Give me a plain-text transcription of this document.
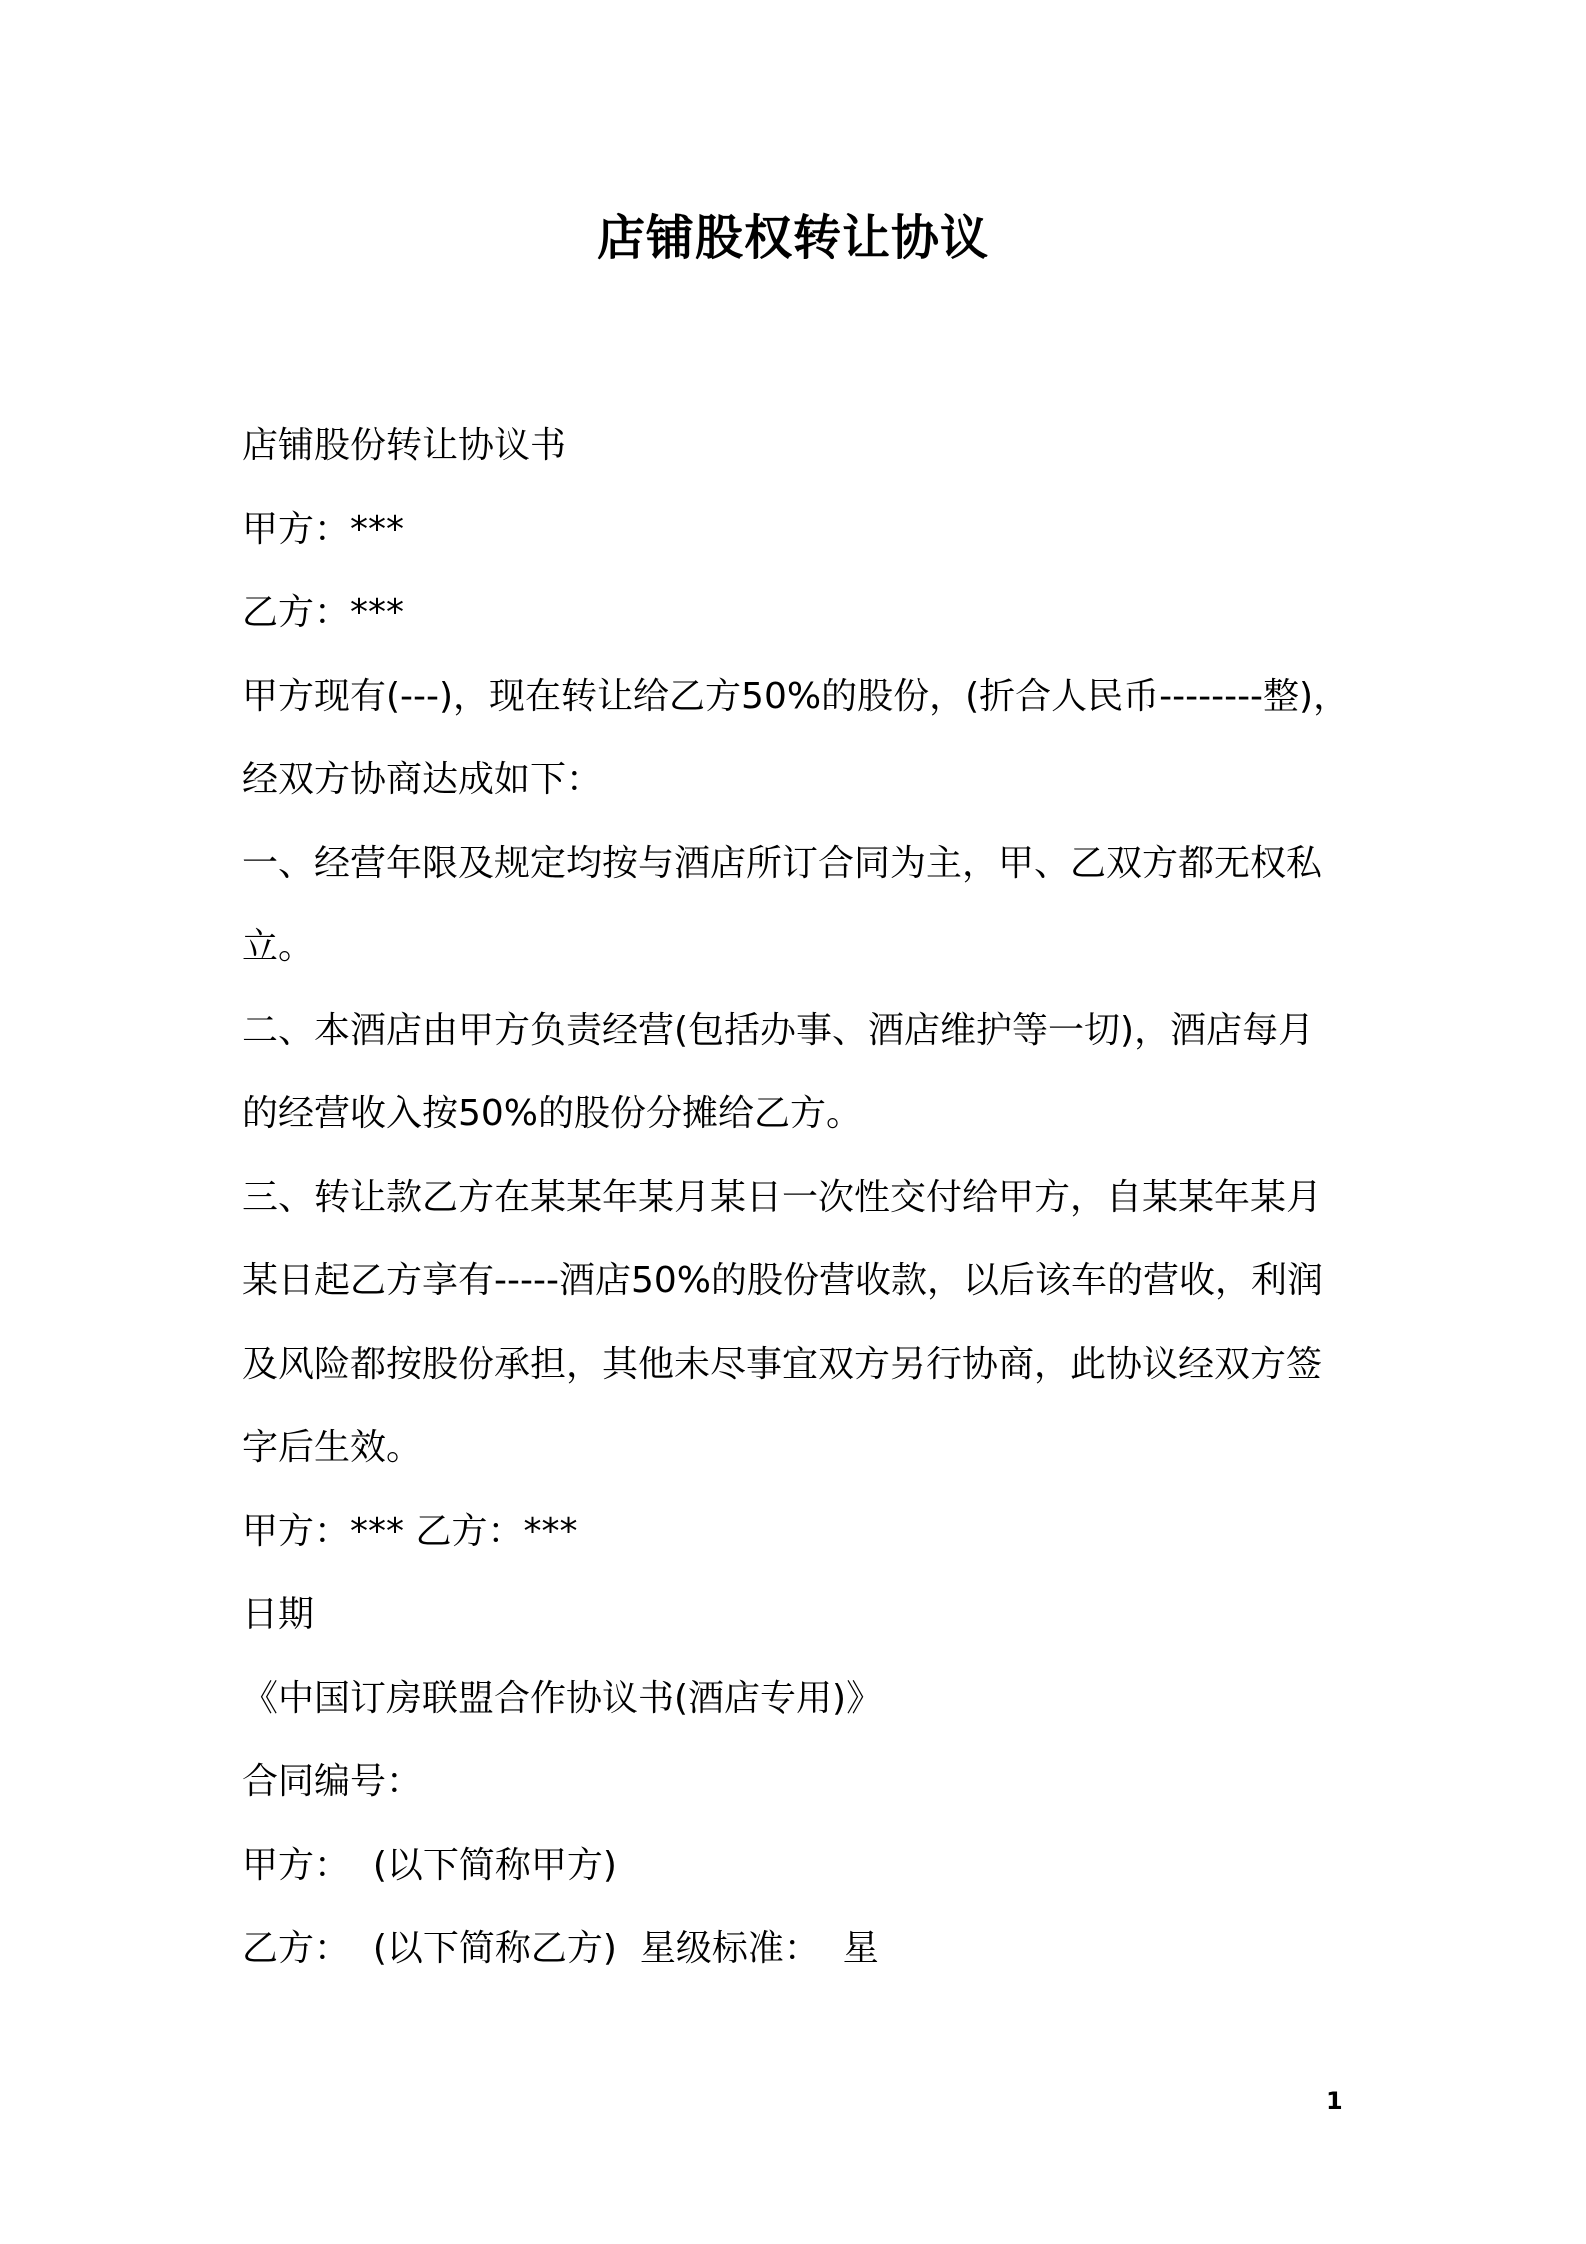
店铺股权转让协议

店铺股份转让协议书

甲方：***

乙方：***

甲方现有(---)，现在转让给乙方50%的股份，(折合人民币--------整)，

经双方协商达成如下：

一、经营年限及规定均按与酒店所订合同为主，甲、乙双方都无权私

立。

二、本酒店由甲方负责经营(包括办事、酒店维护等一切)，酒店每月

的经营收入按50%的股份分摊给乙方。

三、转让款乙方在某某年某月某日一次性交付给甲方，自某某年某月

某日起乙方享有-----酒店50%的股份营收款，以后该车的营收，利润

及风险都按股份承担，其他未尽事宜双方另行协商，此协议经双方签

字后生效。

甲方：*** 乙方：***

日期

《中国订房联盟合作协议书(酒店专用)》

合同编号：

甲方：  (以下简称甲方)

乙方：  (以下简称乙方)  星级标准：  星

1
